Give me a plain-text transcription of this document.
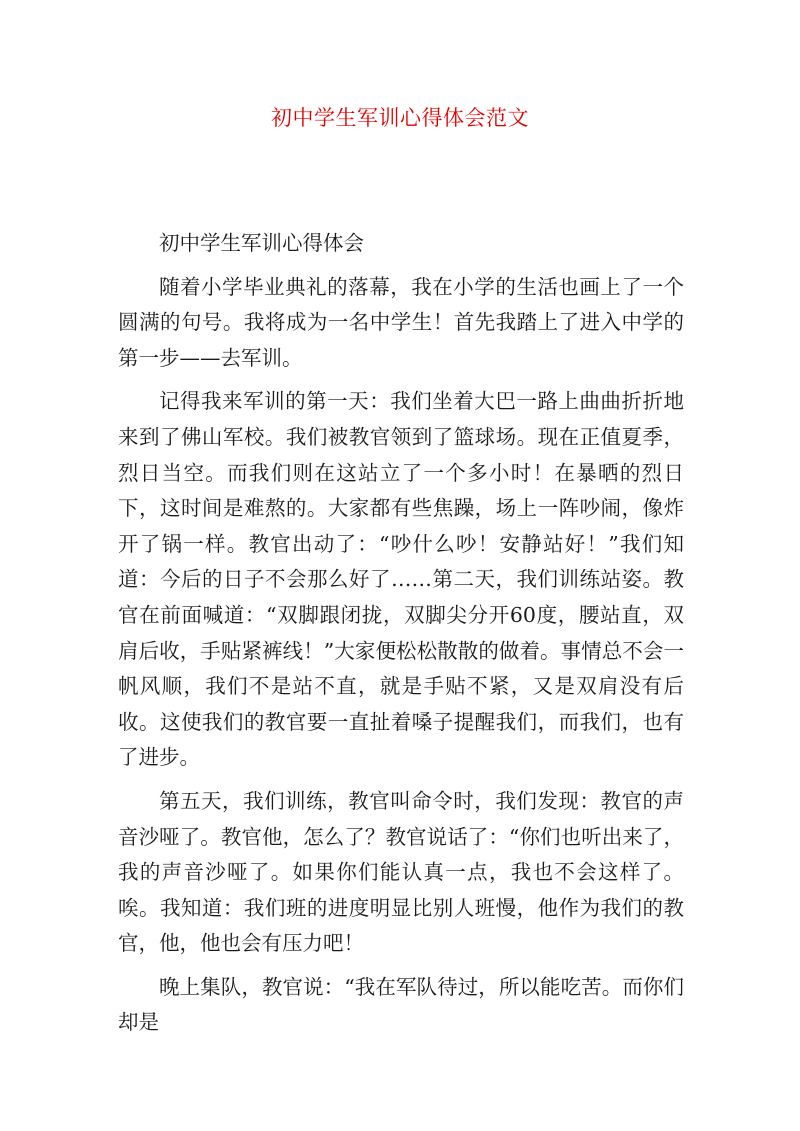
初中学生军训心得体会范文

初中学生军训心得体会

随着小学毕业典礼的落幕，我在小学的生活也画上了一个圆满的句号。我将成为一名中学生！首先我踏上了进入中学的第一步——去军训。

记得我来军训的第一天：我们坐着大巴一路上曲曲折折地来到了佛山军校。我们被教官领到了篮球场。现在正值夏季，烈日当空。而我们则在这站立了一个多小时！在暴晒的烈日下，这时间是难熬的。大家都有些焦躁，场上一阵吵闹，像炸开了锅一样。教官出动了：“吵什么吵！安静站好！”我们知道：今后的日子不会那么好了……第二天，我们训练站姿。教官在前面喊道：“双脚跟闭拢，双脚尖分开60度，腰站直，双肩后收，手贴紧裤线！”大家便松松散散的做着。事情总不会一帆风顺，我们不是站不直，就是手贴不紧，又是双肩没有后收。这使我们的教官要一直扯着嗓子提醒我们，而我们，也有了进步。

第五天，我们训练，教官叫命令时，我们发现：教官的声音沙哑了。教官他，怎么了？教官说话了：“你们也听出来了，我的声音沙哑了。如果你们能认真一点，我也不会这样了。唉。我知道：我们班的进度明显比别人班慢，他作为我们的教官，他，他也会有压力吧！

晚上集队，教官说：“我在军队待过，所以能吃苦。而你们却是
